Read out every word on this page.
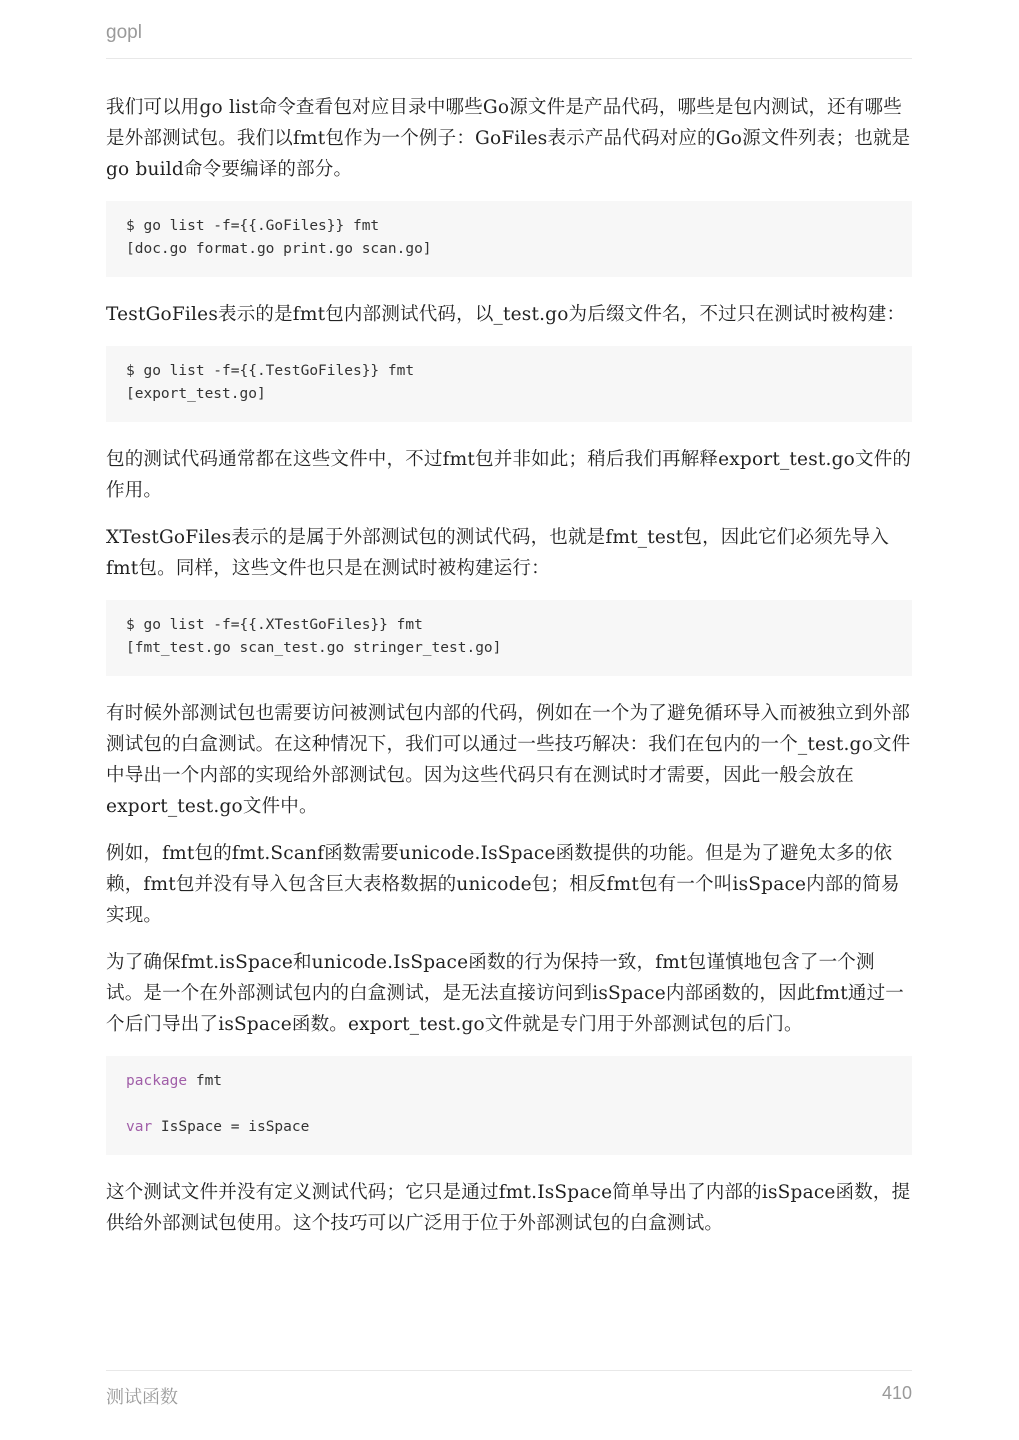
gopl

我们可以用go list命令查看包对应目录中哪些Go源文件是产品代码，哪些是包内测试，还有哪些是外部测试包。我们以fmt包作为一个例子：GoFiles表示产品代码对应的Go源文件列表；也就是go build命令要编译的部分。

$ go list -f={{.GoFiles}} fmt
[doc.go format.go print.go scan.go]

TestGoFiles表示的是fmt包内部测试代码，以_test.go为后缀文件名，不过只在测试时被构建：

$ go list -f={{.TestGoFiles}} fmt
[export_test.go]

包的测试代码通常都在这些文件中，不过fmt包并非如此；稍后我们再解释export_test.go文件的作用。

XTestGoFiles表示的是属于外部测试包的测试代码，也就是fmt_test包，因此它们必须先导入fmt包。同样，这些文件也只是在测试时被构建运行：

$ go list -f={{.XTestGoFiles}} fmt
[fmt_test.go scan_test.go stringer_test.go]

有时候外部测试包也需要访问被测试包内部的代码，例如在一个为了避免循环导入而被独立到外部测试包的白盒测试。在这种情况下，我们可以通过一些技巧解决：我们在包内的一个_test.go文件中导出一个内部的实现给外部测试包。因为这些代码只有在测试时才需要，因此一般会放在export_test.go文件中。

例如，fmt包的fmt.Scanf函数需要unicode.IsSpace函数提供的功能。但是为了避免太多的依赖，fmt包并没有导入包含巨大表格数据的unicode包；相反fmt包有一个叫isSpace内部的简易实现。

为了确保fmt.isSpace和unicode.IsSpace函数的行为保持一致，fmt包谨慎地包含了一个测试。是一个在外部测试包内的白盒测试，是无法直接访问到isSpace内部函数的，因此fmt通过一个后门导出了isSpace函数。export_test.go文件就是专门用于外部测试包的后门。

package fmt
var IsSpace = isSpace

这个测试文件并没有定义测试代码；它只是通过fmt.IsSpace简单导出了内部的isSpace函数，提供给外部测试包使用。这个技巧可以广泛用于位于外部测试包的白盒测试。

测试函数	410
